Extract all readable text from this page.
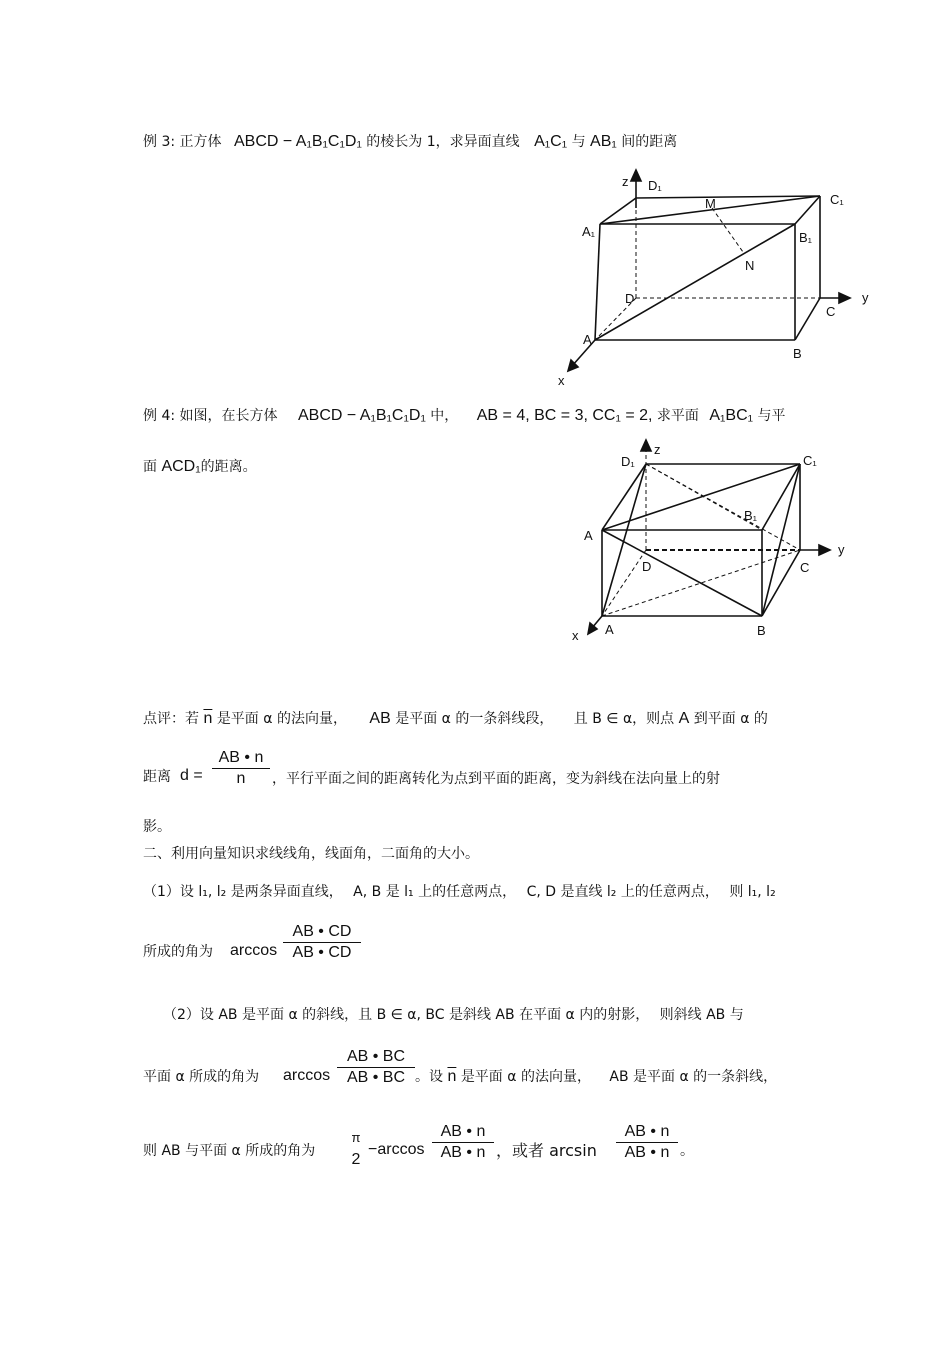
例 3: 正方体 ABCD − A₁B₁C₁D₁ 的棱长为 1，求异面直线 A₁C₁ 与 AB₁ 间的距离
z D₁
C₁
M
A₁	B₁
N
D	y
C
A
B
x
例 4: 如图，在长方体 ABCD − A₁B₁C₁D₁ 中， AB = 4, BC = 3, CC₁ = 2, 求平面 A₁BC₁ 与平
面 ACD₁的距离。
z
D₁	C₁
A
B₁
D
y
C
A	B
x
点评：若 $\overline{n}$ 是平面 α 的法向量， AB 是平面 α 的一条斜线段， 且 B ∈ α，则点 A 到平面 α 的
距离 d =
AB • n
n	，平行平面之间的距离转化为点到平面的距离，变为斜线在法向量上的射
影。
二、利用向量知识求线线角，线面角，二面角的大小。
（1）设 l₁, l₂ 是两条异面直线， A, B 是 l₁ 上的任意两点， C, D 是直线 l₂ 上的任意两点， 则 l₁, l₂
所成的角为 arccos
AB • CD
AB • CD
（2）设 AB 是平面 α 的斜线，且 B ∈ α, BC 是斜线 AB 在平面 α 内的射影， 则斜线 AB 与
平面 α 所成的角为 arccos
AB • BC
AB • BC 。设 $\overline{n}$ 是平面 α 的法向量， AB 是平面 α 的一条斜线，
则 AB 与平面 α 所成的角为
π
2
−arccos
AB • n
AB • n ，或者 arcsin
AB • n
AB • n 。
